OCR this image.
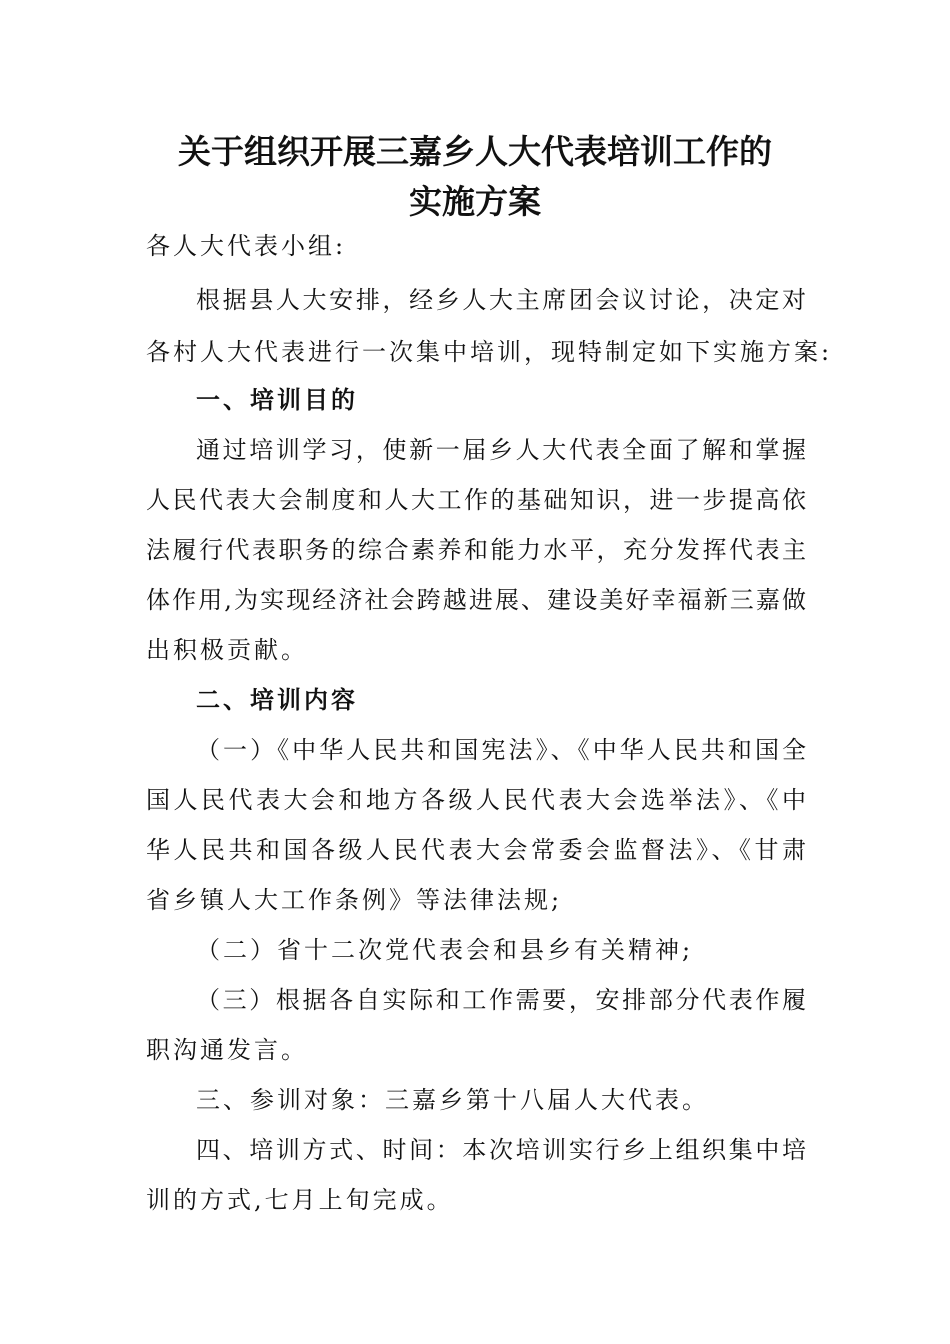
关于组织开展三嘉乡人大代表培训工作的
实施方案
各人大代表小组:
根据县人大安排，经乡人大主席团会议讨论，决定对
各村人大代表进行一次集中培训，现特制定如下实施方案:
一、培训目的
通过培训学习，使新一届乡人大代表全面了解和掌握
人民代表大会制度和人大工作的基础知识，进一步提高依
法履行代表职务的综合素养和能力水平，充分发挥代表主
体作用,为实现经济社会跨越进展、建设美好幸福新三嘉做
出积极贡献。
二、培训内容
（一）《中华人民共和国宪法》、《中华人民共和国全
国人民代表大会和地方各级人民代表大会选举法》、《中
华人民共和国各级人民代表大会常委会监督法》、《甘肃
省乡镇人大工作条例》等法律法规;
（二）省十二次党代表会和县乡有关精神;
（三）根据各自实际和工作需要，安排部分代表作履
职沟通发言。
三、参训对象：三嘉乡第十八届人大代表。
四、培训方式、时间：本次培训实行乡上组织集中培
训的方式,七月上旬完成。
